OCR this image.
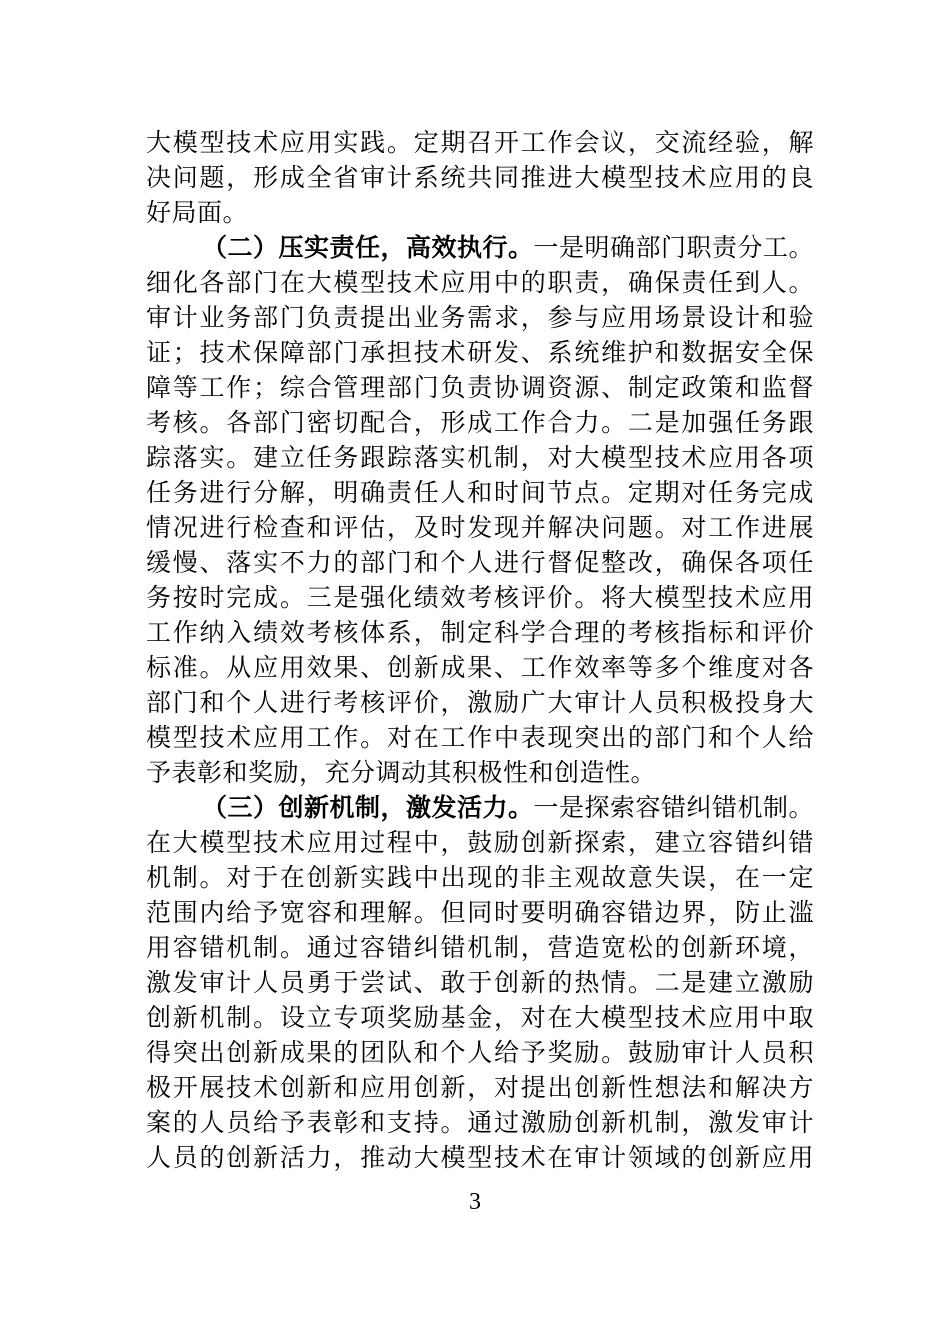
大模型技术应用实践。定期召开工作会议，交流经验，解
决问题，形成全省审计系统共同推进大模型技术应用的良
好局面。
（二）压实责任，高效执行。一是明确部门职责分工。
细化各部门在大模型技术应用中的职责，确保责任到人。
审计业务部门负责提出业务需求，参与应用场景设计和验
证；技术保障部门承担技术研发、系统维护和数据安全保
障等工作；综合管理部门负责协调资源、制定政策和监督
考核。各部门密切配合，形成工作合力。二是加强任务跟
踪落实。建立任务跟踪落实机制，对大模型技术应用各项
任务进行分解，明确责任人和时间节点。定期对任务完成
情况进行检查和评估，及时发现并解决问题。对工作进展
缓慢、落实不力的部门和个人进行督促整改，确保各项任
务按时完成。三是强化绩效考核评价。将大模型技术应用
工作纳入绩效考核体系，制定科学合理的考核指标和评价
标准。从应用效果、创新成果、工作效率等多个维度对各
部门和个人进行考核评价，激励广大审计人员积极投身大
模型技术应用工作。对在工作中表现突出的部门和个人给
予表彰和奖励，充分调动其积极性和创造性。
（三）创新机制，激发活力。一是探索容错纠错机制。
在大模型技术应用过程中，鼓励创新探索，建立容错纠错
机制。对于在创新实践中出现的非主观故意失误，在一定
范围内给予宽容和理解。但同时要明确容错边界，防止滥
用容错机制。通过容错纠错机制，营造宽松的创新环境，
激发审计人员勇于尝试、敢于创新的热情。二是建立激励
创新机制。设立专项奖励基金，对在大模型技术应用中取
得突出创新成果的团队和个人给予奖励。鼓励审计人员积
极开展技术创新和应用创新，对提出创新性想法和解决方
案的人员给予表彰和支持。通过激励创新机制，激发审计
人员的创新活力，推动大模型技术在审计领域的创新应用
3
